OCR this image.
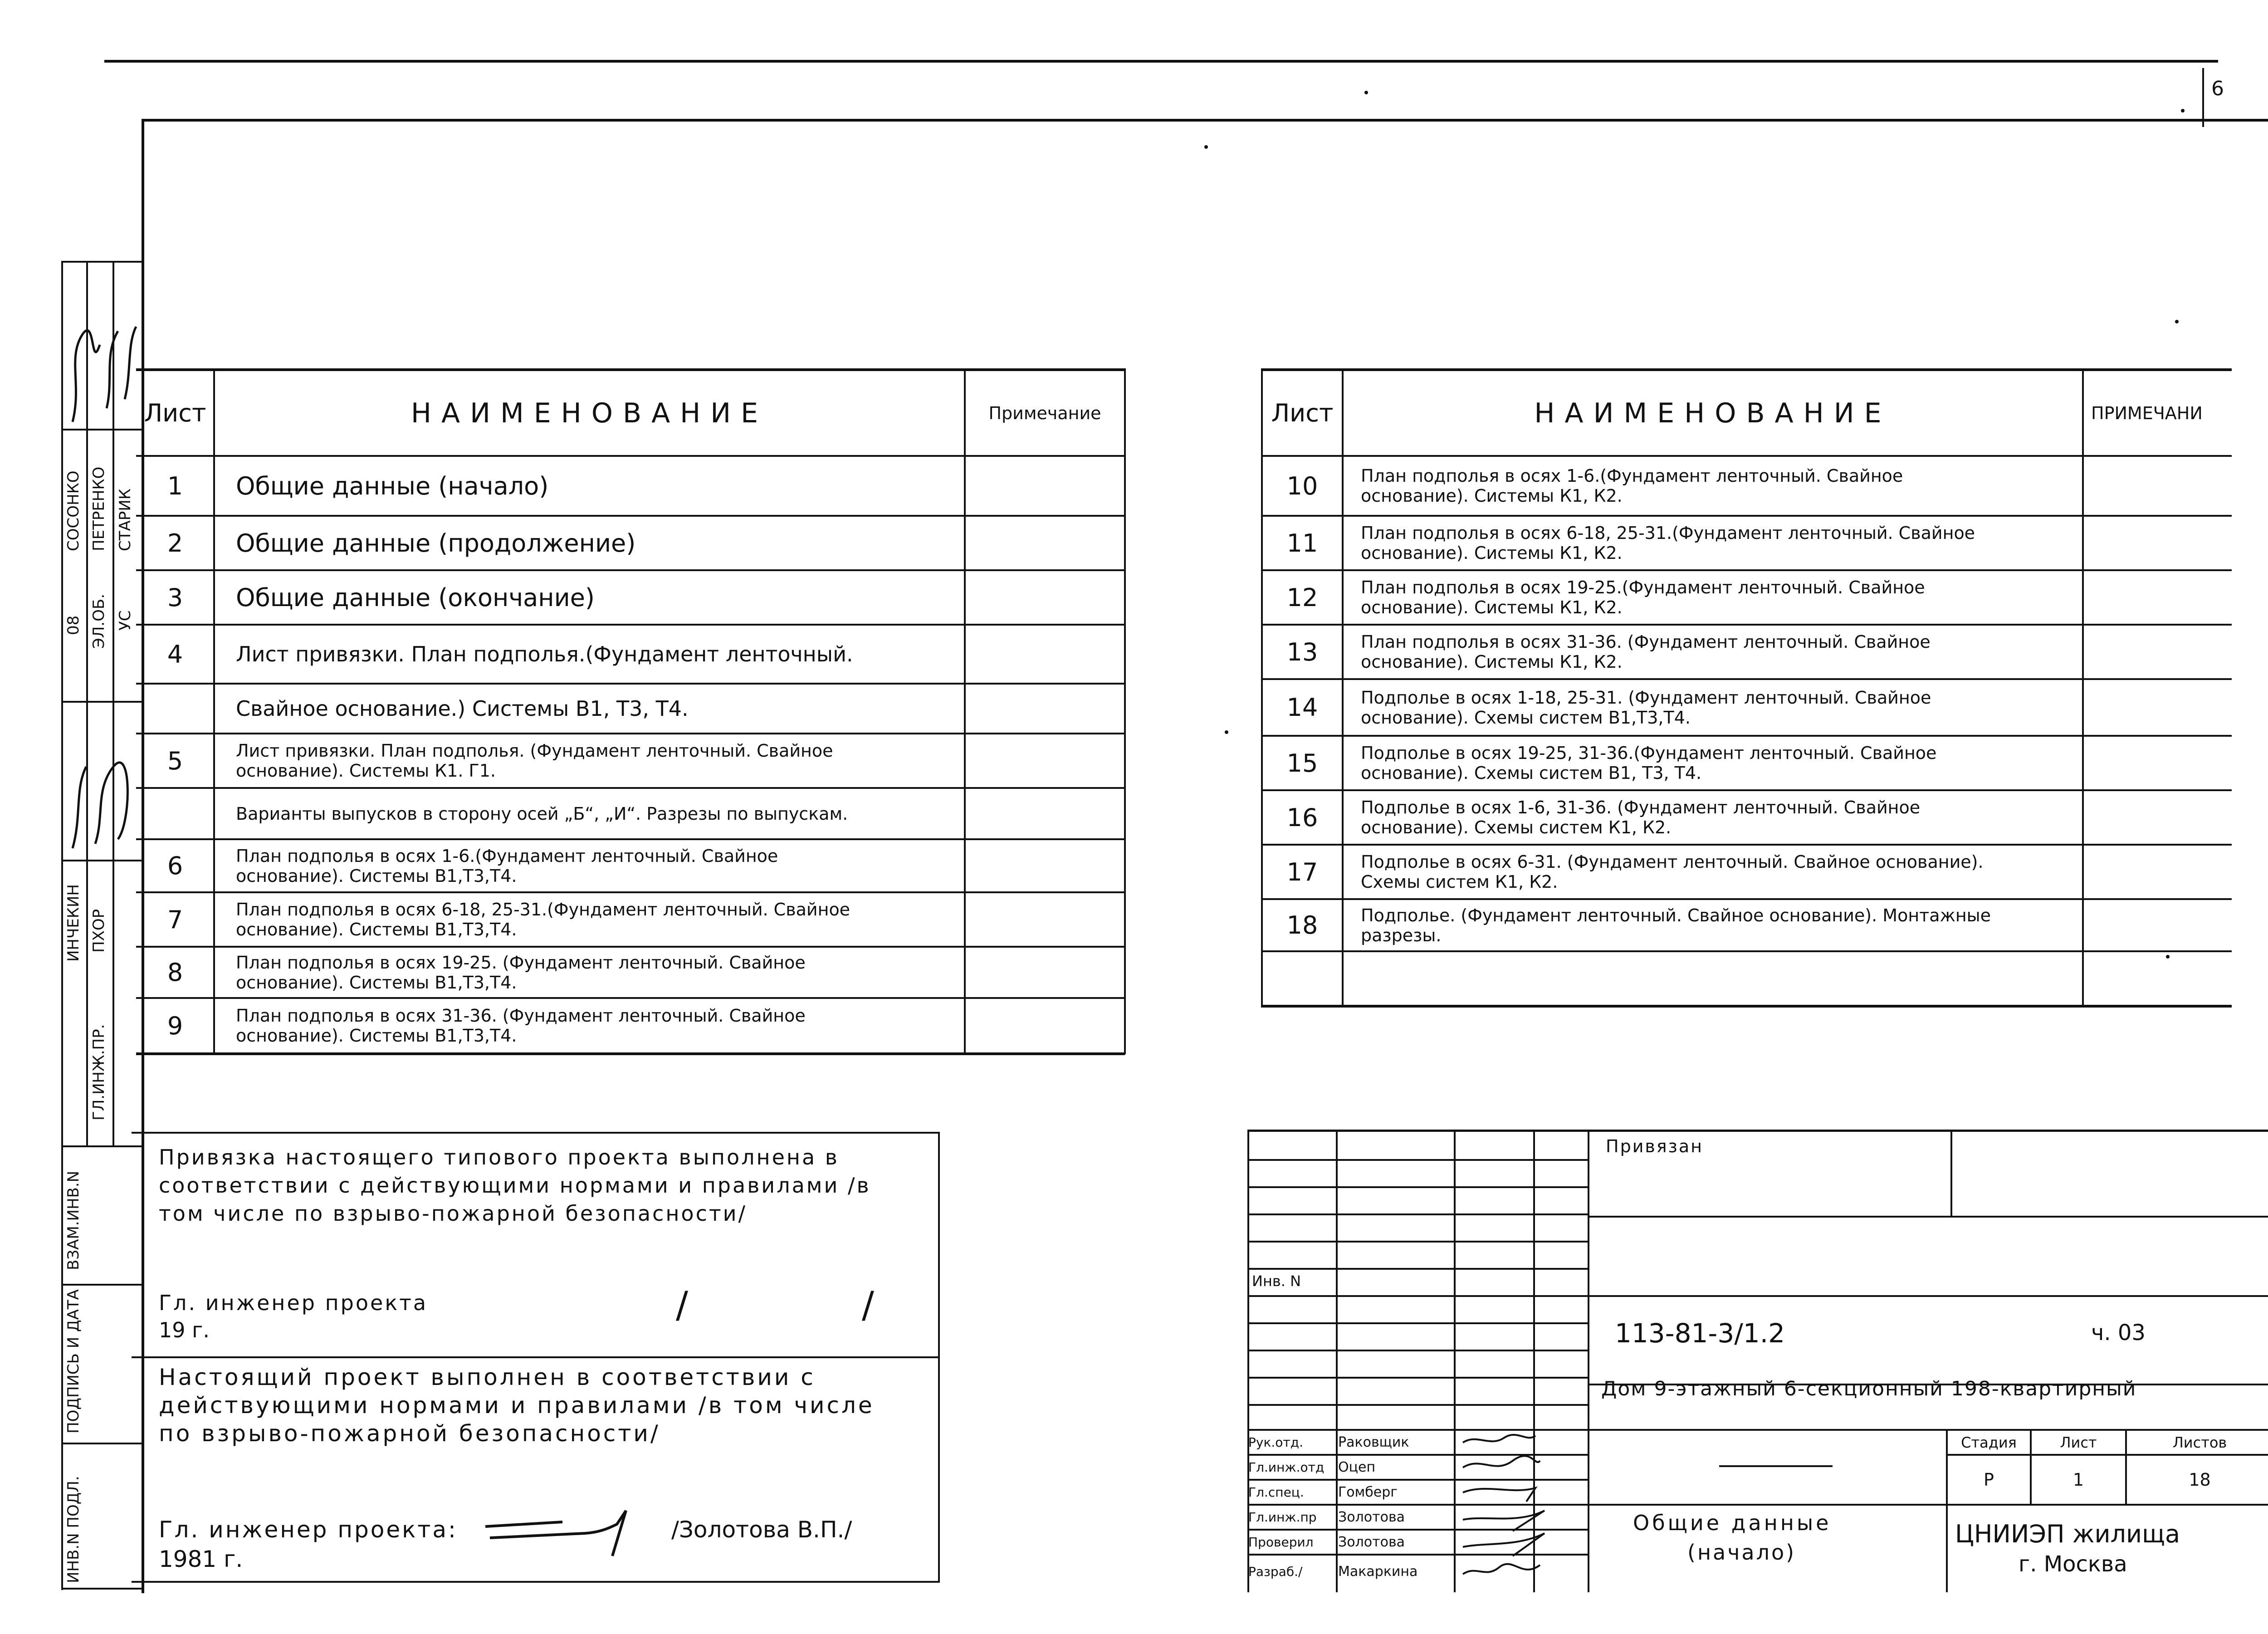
6
СОСОНКО
08
ИНЧЕКИН
ПЕТРЕНКО
ЭЛ.ОБ.
ПХОР
ГЛ.ИНЖ.ПР.
СТАРИК
УС
ИНВ.N ПОДЛ.
ПОДПИСЬ И ДАТА
ВЗАМ.ИНВ.N
Лист	НАИМЕНОВАНИЕ	Примечание
1	Общие данные (начало)
2	Общие данные (продолжение)
3	Общие данные (окончание)
4	Лист привязки. План подполья.(Фундамент ленточный.
Свайное основание.) Системы В1, Т3, Т4.
5	Лист привязки. План подполья. (Фундамент ленточный. Свайное основание). Системы К1. Г1.
Варианты выпусков в сторону осей „Б“, „И“. Разрезы по выпускам.
6	План подполья в осях 1-6.(Фундамент ленточный. Свайное основание). Системы В1,Т3,Т4.
7	План подполья в осях 6-18, 25-31.(Фундамент ленточный. Свайное основание). Системы В1,Т3,Т4.
8	План подполья в осях 19-25. (Фундамент ленточный. Свайное основание). Системы В1,Т3,Т4.
9	План подполья в осях 31-36. (Фундамент ленточный. Свайное основание). Системы В1,Т3,Т4.
Лист	НАИМЕНОВАНИЕ	ПРИМЕЧАНИ
10	План подполья в осях 1-6.(Фундамент ленточный. Свайное основание). Системы К1, К2.
11	План подполья в осях 6-18, 25-31.(Фундамент ленточный. Свайное основание). Системы К1, К2.
12	План подполья в осях 19-25.(Фундамент ленточный. Свайное основание). Системы К1, К2.
13	План подполья в осях 31-36. (Фундамент ленточный. Свайное основание). Системы К1, К2.
14	Подполье в осях 1-18, 25-31. (Фундамент ленточный. Свайное основание). Схемы систем В1,Т3,Т4.
15	Подполье в осях 19-25, 31-36.(Фундамент ленточный. Свайное основание). Схемы систем В1, Т3, Т4.
16	Подполье в осях 1-6, 31-36. (Фундамент ленточный. Свайное основание). Схемы систем К1, К2.
17	Подполье в осях 6-31. (Фундамент ленточный. Свайное основание). Схемы систем К1, К2.
18	Подполье. (Фундамент ленточный. Свайное основание). Монтажные разрезы.
Привязка настоящего типового проекта выполнена в соответствии с действующими нормами и правилами /в том числе по взрыво-пожарной безопасности/
Гл. инженер проекта
19 г.
/	/
Настоящий проект выполнен в соответствии с действующими нормами и правилами /в том числе по взрыво-пожарной безопасности/
Гл. инженер проекта:	/Золотова В.П./
1981 г.
Привязан
Инв. N
113-81-3/1.2	ч. 03
Дом 9-этажный 6-секционный 198-квартирный
Стадия	Лист	Листов
Р	1	18
Общие данные
(начало)
ЦНИИЭП жилища
г. Москва
Рук.отд.	Раковщик
Гл.инж.отд	Оцеп
Гл.спец.	Гомберг
Гл.инж.пр	Золотова
Проверил	Золотова
Разраб./	Макаркина
